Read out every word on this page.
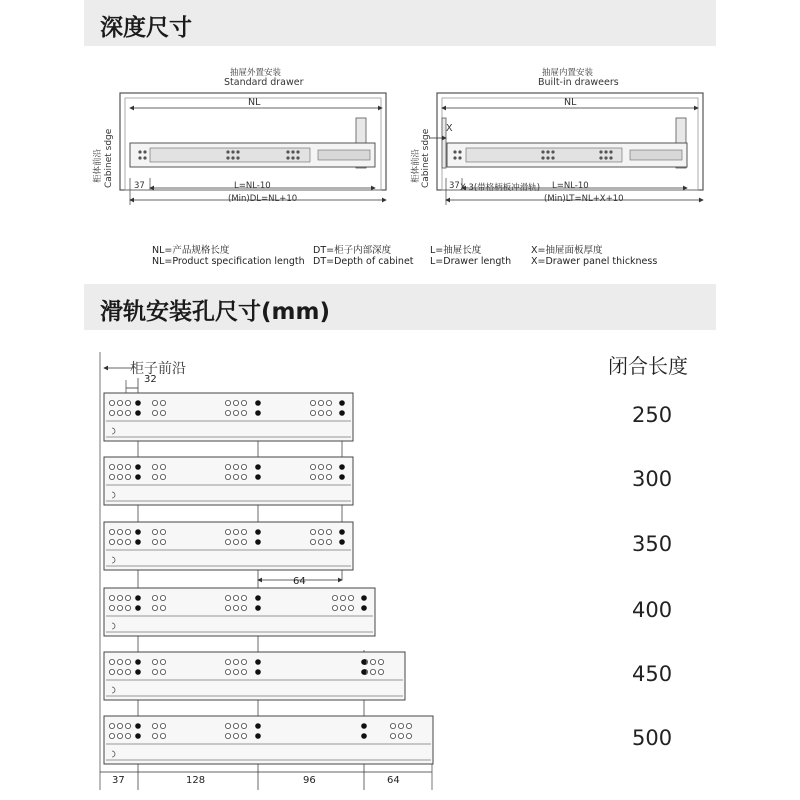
深度尺寸
滑轨安装孔尺寸(mm)
抽屉外置安装
Standard drawer
NL
柜体前沿 Cabinet sdge 37	L=NL-10
(Min)DL=NL+10
抽屉内置安装
Built-in draweers
NL
X
柜体前沿 Cabinet sdge 37 X-3(带格柄板冲滑轨) L=NL-10
(Min)LT=NL+X+10
NL=产品规格长度
NL=Product specification length
DT=柜子内部深度
DT=Depth of cabinet
L=抽屉长度
L=Drawer length
X=抽屉面板厚度
X=Drawer panel thickness
柜子前沿
32
闭合长度
64
250
300
350
400
450
500
37	128	96	64
